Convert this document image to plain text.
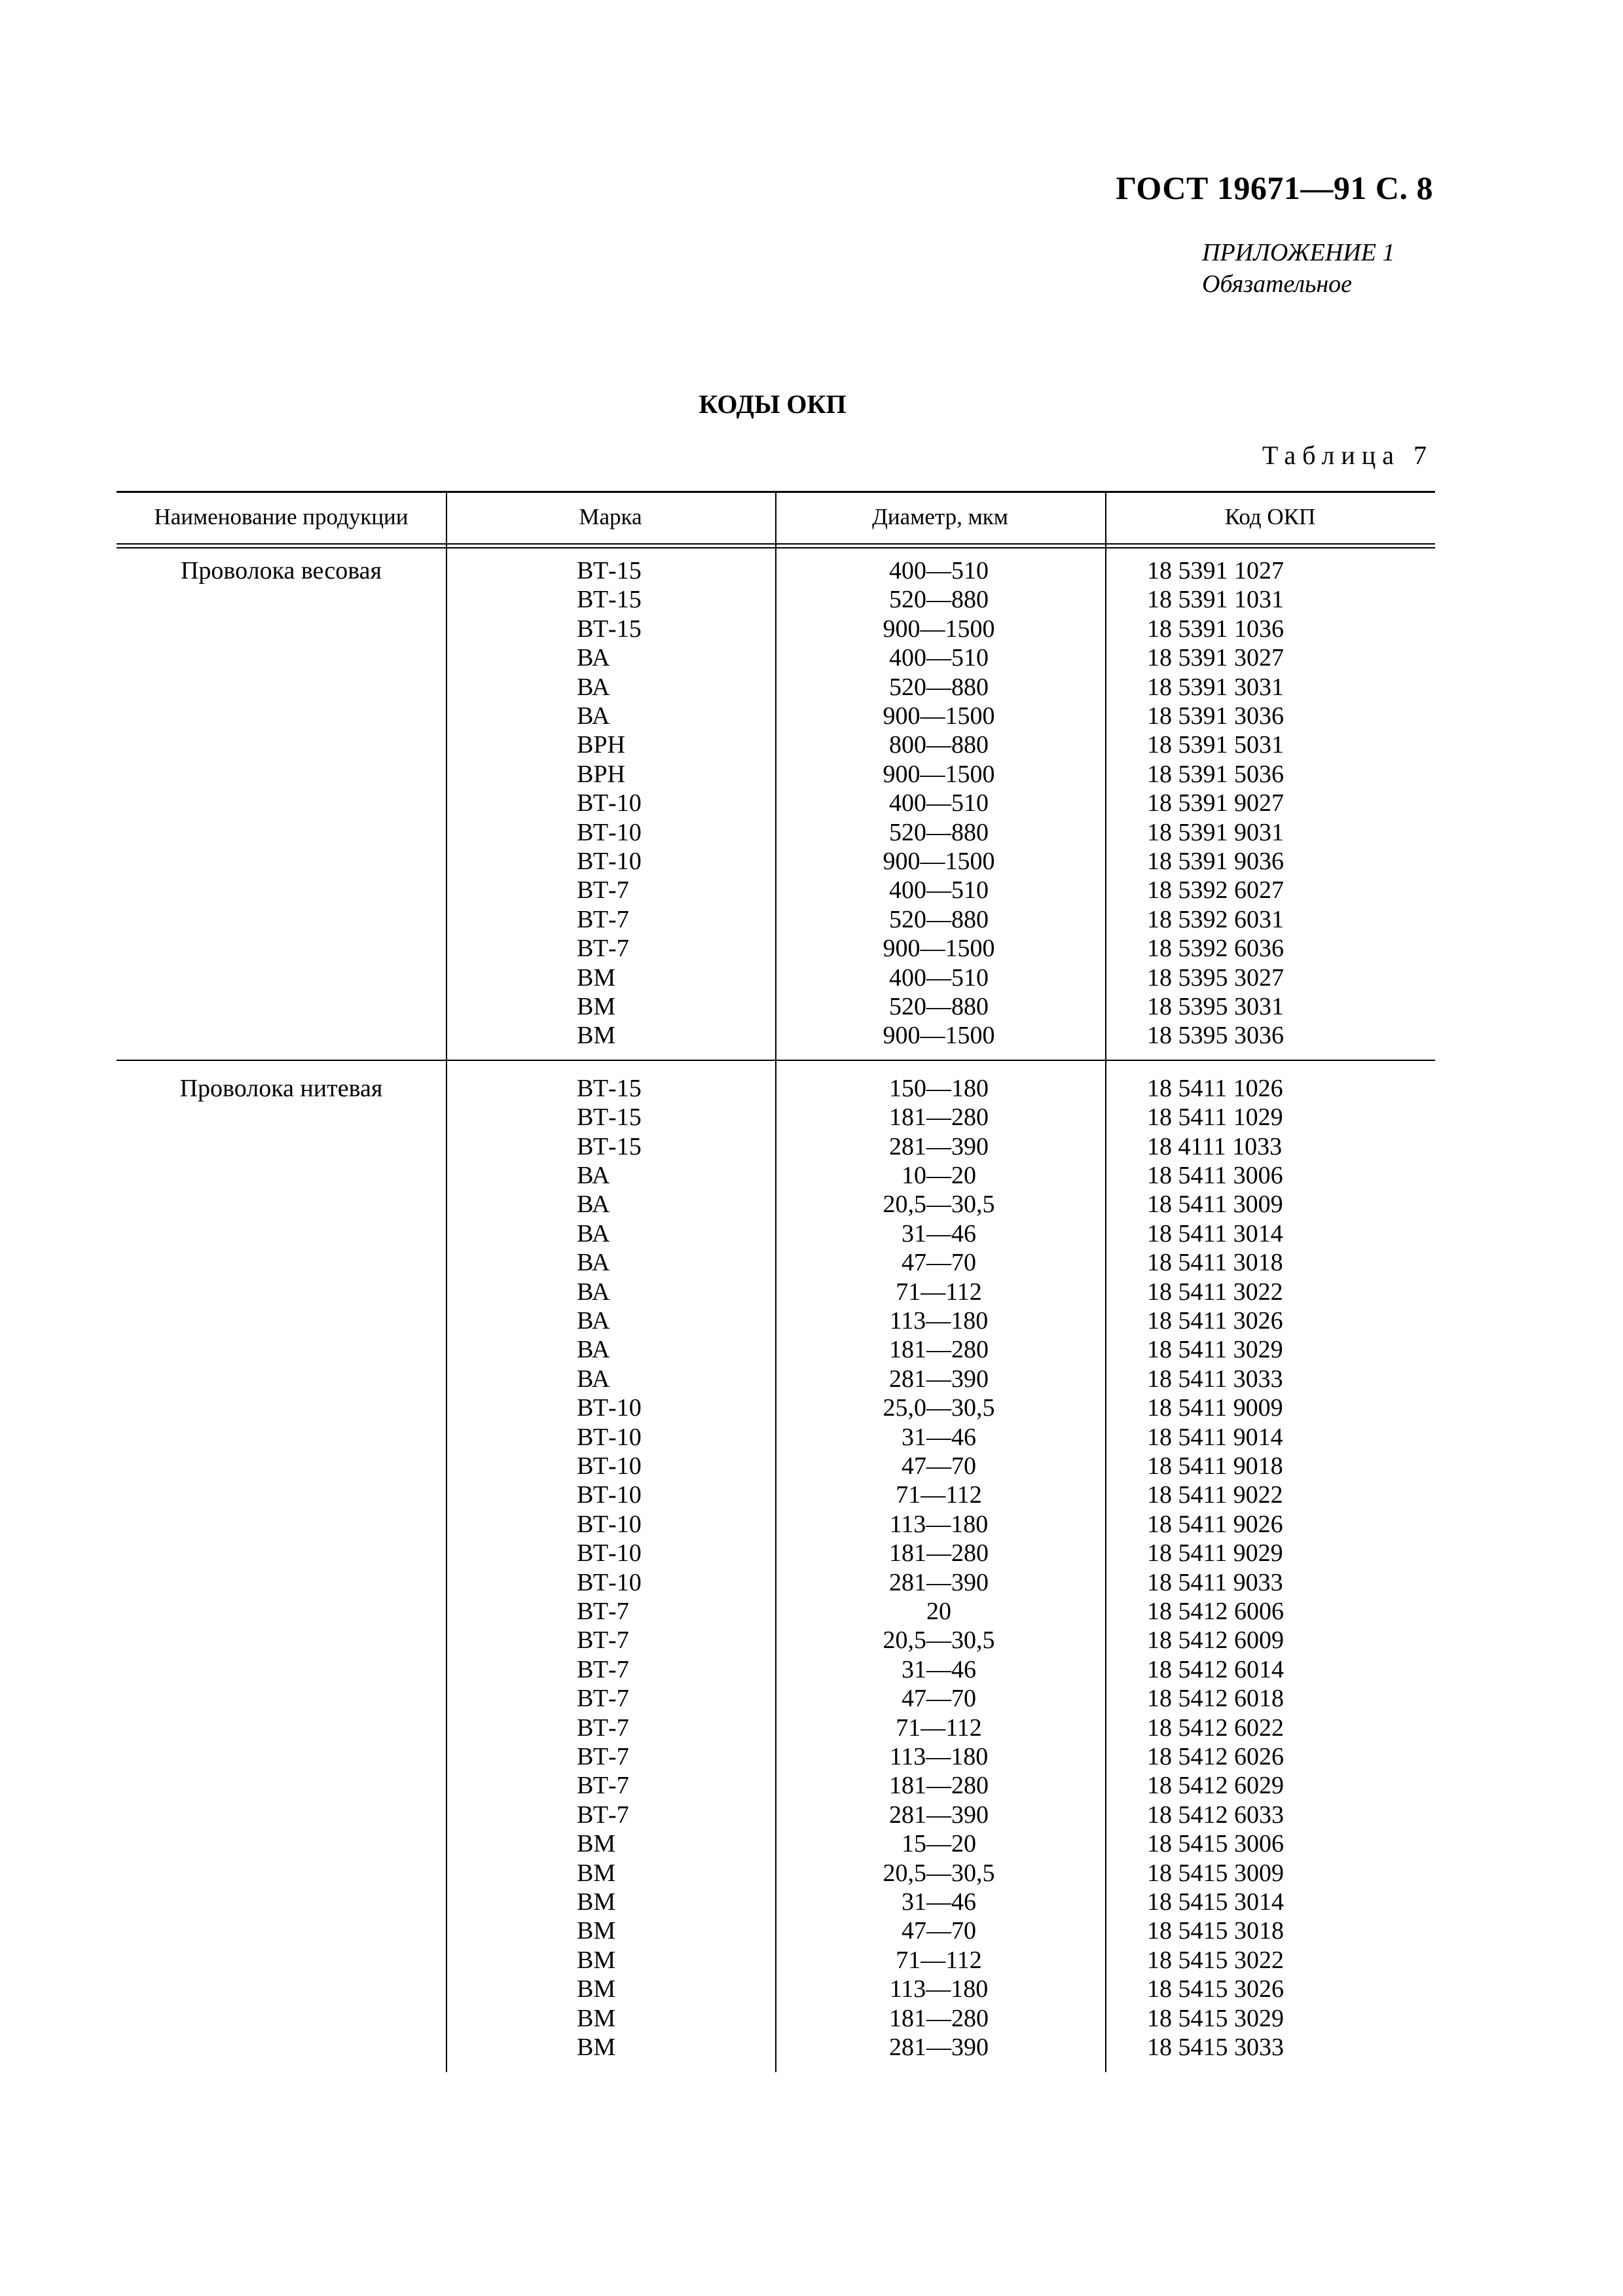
ГОСТ 19671—91 С. 8
ПРИЛОЖЕНИЕ 1
Обязательное
КОДЫ ОКП
Таблица 7
Наименование продукции	Марка	Диаметр, мкм	Код ОКП
Проволока весовая	ВТ-15	400—510	18 5391 1027
ВТ-15	520—880	18 5391 1031
ВТ-15	900—1500	18 5391 1036
ВА	400—510	18 5391 3027
ВА	520—880	18 5391 3031
ВА	900—1500	18 5391 3036
ВРН	800—880	18 5391 5031
ВРН	900—1500	18 5391 5036
ВТ-10	400—510	18 5391 9027
ВТ-10	520—880	18 5391 9031
ВТ-10	900—1500	18 5391 9036
ВТ-7	400—510	18 5392 6027
ВТ-7	520—880	18 5392 6031
ВТ-7	900—1500	18 5392 6036
ВМ	400—510	18 5395 3027
ВМ	520—880	18 5395 3031
ВМ	900—1500	18 5395 3036
Проволока нитевая	ВТ-15	150—180	18 5411 1026
ВТ-15	181—280	18 5411 1029
ВТ-15	281—390	18 4111 1033
ВА	10—20	18 5411 3006
ВА	20,5—30,5	18 5411 3009
ВА	31—46	18 5411 3014
ВА	47—70	18 5411 3018
ВА	71—112	18 5411 3022
ВА	113—180	18 5411 3026
ВА	181—280	18 5411 3029
ВА	281—390	18 5411 3033
ВТ-10	25,0—30,5	18 5411 9009
ВТ-10	31—46	18 5411 9014
ВТ-10	47—70	18 5411 9018
ВТ-10	71—112	18 5411 9022
ВТ-10	113—180	18 5411 9026
ВТ-10	181—280	18 5411 9029
ВТ-10	281—390	18 5411 9033
ВТ-7	20	18 5412 6006
ВТ-7	20,5—30,5	18 5412 6009
ВТ-7	31—46	18 5412 6014
ВТ-7	47—70	18 5412 6018
ВТ-7	71—112	18 5412 6022
ВТ-7	113—180	18 5412 6026
ВТ-7	181—280	18 5412 6029
ВТ-7	281—390	18 5412 6033
ВМ	15—20	18 5415 3006
ВМ	20,5—30,5	18 5415 3009
ВМ	31—46	18 5415 3014
ВМ	47—70	18 5415 3018
ВМ	71—112	18 5415 3022
ВМ	113—180	18 5415 3026
ВМ	181—280	18 5415 3029
ВМ	281—390	18 5415 3033
